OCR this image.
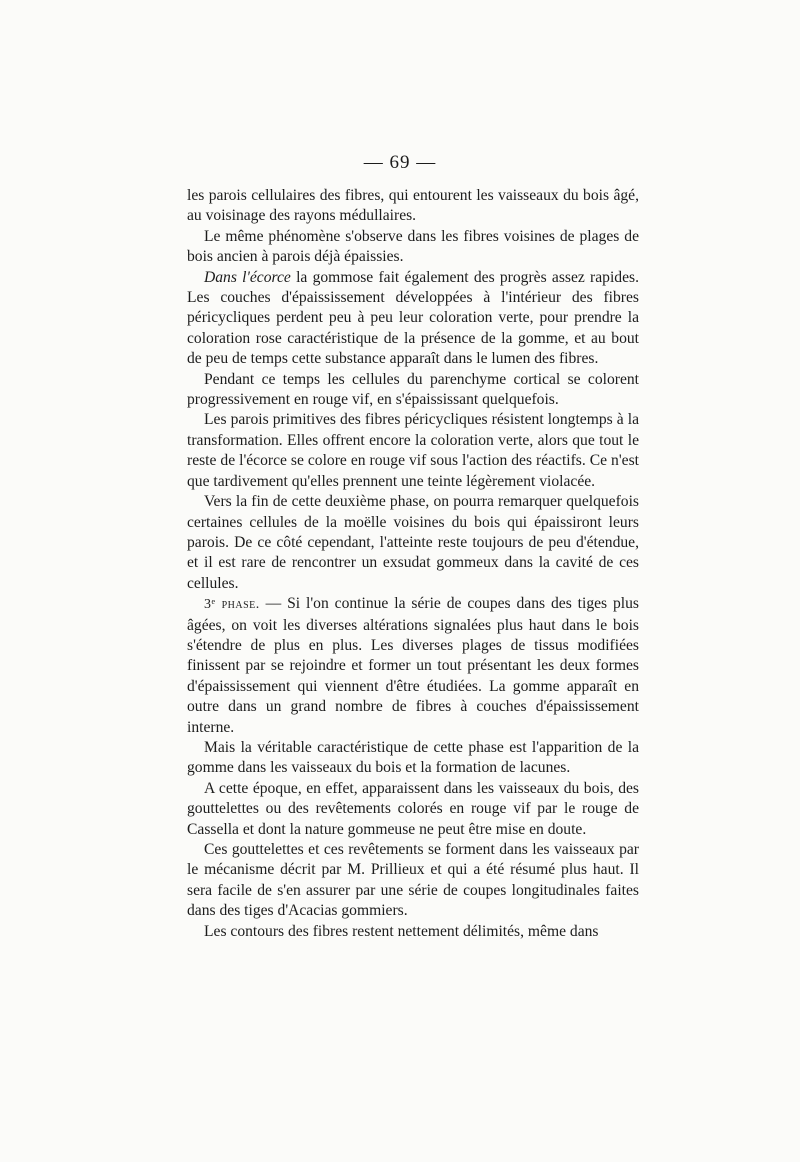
— 69 —

les parois cellulaires des fibres, qui entourent les vaisseaux du bois âgé, au voisinage des rayons médullaires.

Le même phénomène s'observe dans les fibres voisines de plages de bois ancien à parois déjà épaissies.

Dans l'écorce la gommose fait également des progrès assez rapides. Les couches d'épaississement développées à l'intérieur des fibres péricycliques perdent peu à peu leur coloration verte, pour prendre la coloration rose caractéristique de la présence de la gomme, et au bout de peu de temps cette substance apparaît dans le lumen des fibres.

Pendant ce temps les cellules du parenchyme cortical se colorent progressivement en rouge vif, en s'épaississant quelquefois.

Les parois primitives des fibres péricycliques résistent longtemps à la transformation. Elles offrent encore la coloration verte, alors que tout le reste de l'écorce se colore en rouge vif sous l'action des réactifs. Ce n'est que tardivement qu'elles prennent une teinte légèrement violacée.

Vers la fin de cette deuxième phase, on pourra remarquer quelquefois certaines cellules de la moëlle voisines du bois qui épaissiront leurs parois. De ce côté cependant, l'atteinte reste toujours de peu d'étendue, et il est rare de rencontrer un exsudat gommeux dans la cavité de ces cellules.

3ᵉ phase. — Si l'on continue la série de coupes dans des tiges plus âgées, on voit les diverses altérations signalées plus haut dans le bois s'étendre de plus en plus. Les diverses plages de tissus modifiées finissent par se rejoindre et former un tout présentant les deux formes d'épaississement qui viennent d'être étudiées. La gomme apparaît en outre dans un grand nombre de fibres à couches d'épaississement interne.

Mais la véritable caractéristique de cette phase est l'apparition de la gomme dans les vaisseaux du bois et la formation de lacunes.

A cette époque, en effet, apparaissent dans les vaisseaux du bois, des gouttelettes ou des revêtements colorés en rouge vif par le rouge de Cassella et dont la nature gommeuse ne peut être mise en doute.

Ces gouttelettes et ces revêtements se forment dans les vaisseaux par le mécanisme décrit par M. Prillieux et qui a été résumé plus haut. Il sera facile de s'en assurer par une série de coupes longitudinales faites dans des tiges d'Acacias gommiers.

Les contours des fibres restent nettement délimités, même dans
